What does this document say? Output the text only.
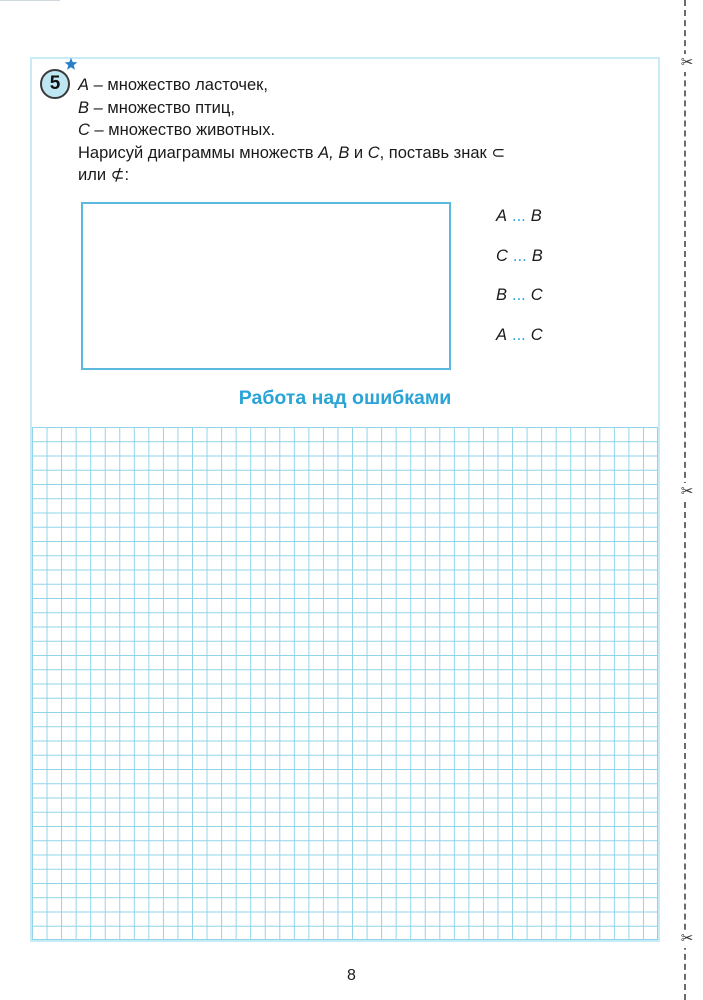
✂
✂
✂
5	A – множество ласточек,
B – множество птиц,
C – множество животных.
Нарисуй диаграммы множеств A, B и C, поставь знак ⊂
или ⊄:
A ... B
C ... B
B ... C
A ... C
Работа над ошибками
8
